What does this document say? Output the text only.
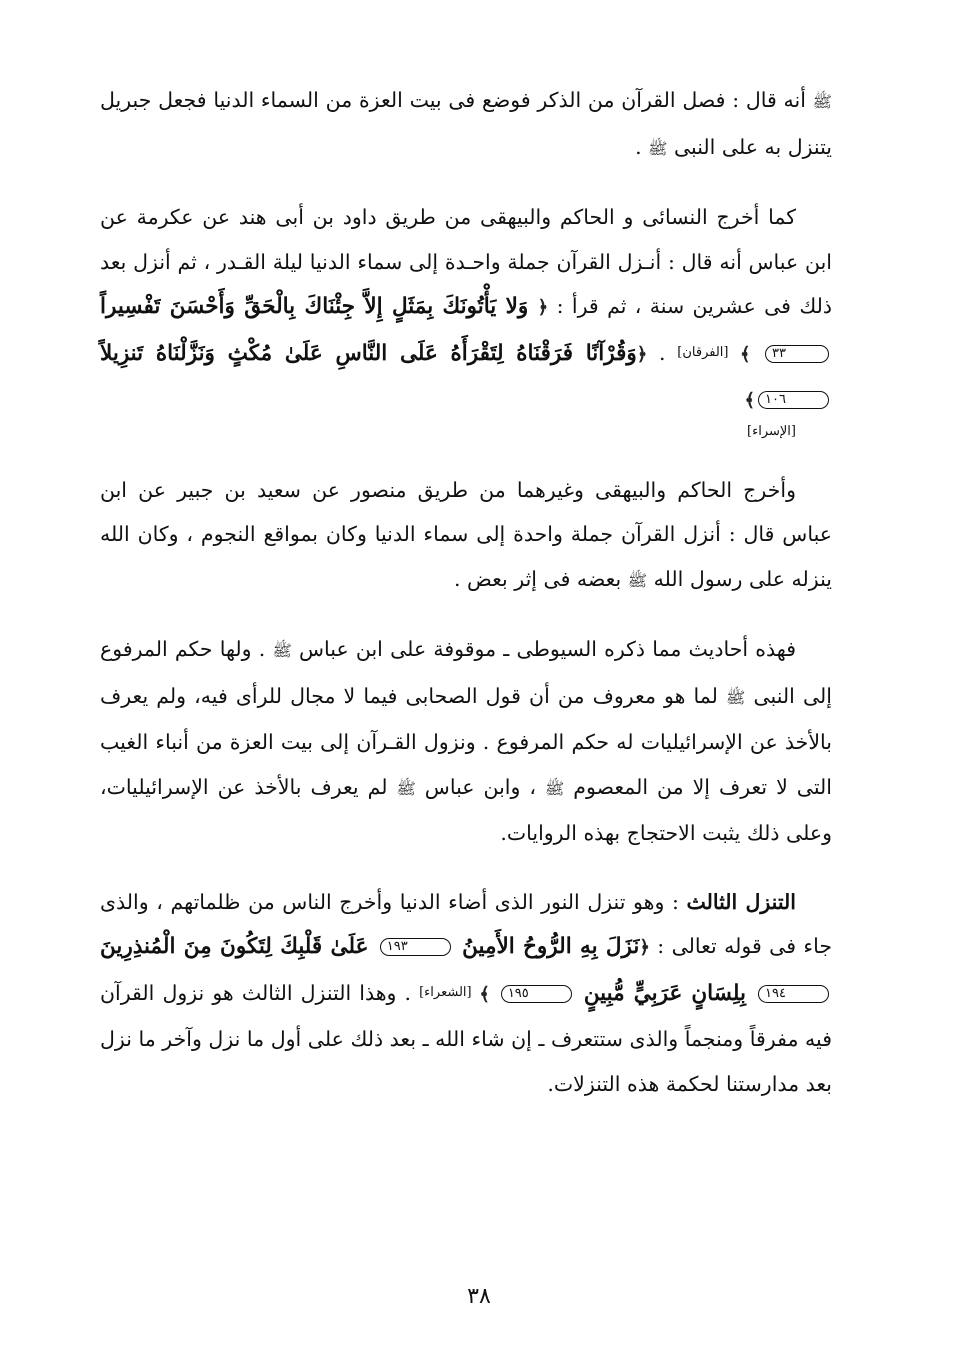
ﷺ أنه قال : فصل القرآن من الذكر فوضع فى بيت العزة من السماء الدنيا فجعل جبريل يتنزل به على النبى ﷺ .

كما أخرج النسائى و الحاكم والبيهقى من طريق داود بن أبى هند عن عكرمة عن ابن عباس أنه قال : أنـزل القرآن جملة واحـدة إلى سماء الدنيا ليلة القـدر ، ثم أنزل بعد ذلك فى عشرين سنة ، ثم قرأ : ﴿ وَلا يَأْتُونَكَ بِمَثَلٍ إِلاَّ جِئْنَاكَ بِالْحَقِّ وَأَحْسَنَ تَفْسِيراً ٣٣ ﴾ [الفرقان] . ﴿وَقُرْآنًا فَرَقْنَاهُ لِتَقْرَأَهُ عَلَى النَّاسِ عَلَىٰ مُكْثٍ وَنَزَّلْنَاهُ تَنزِيلاً ١٠٦﴾
[الإسراء]

وأخرج الحاكم والبيهقى وغيرهما من طريق منصور عن سعيد بن جبير عن ابن عباس قال : أنزل القرآن جملة واحدة إلى سماء الدنيا وكان بمواقع النجوم ، وكان الله ينزله على رسول الله ﷺ بعضه فى إثر بعض .

فهذه أحاديث مما ذكره السيوطى ـ موقوفة على ابن عباس ﷺ . ولها حكم المرفوع إلى النبى ﷺ لما هو معروف من أن قول الصحابى فيما لا مجال للرأى فيه، ولم يعرف بالأخذ عن الإسرائيليات له حكم المرفوع . ونزول القـرآن إلى بيت العزة من أنباء الغيب التى لا تعرف إلا من المعصوم ﷺ ، وابن عباس ﷺ لم يعرف بالأخذ عن الإسرائيليات، وعلى ذلك يثبت الاحتجاج بهذه الروايات.

التنزل الثالث : وهو تنزل النور الذى أضاء الدنيا وأخرج الناس من ظلماتهم ، والذى جاء فى قوله تعالى : ﴿نَزَلَ بِهِ الرُّوحُ الأَمِينُ ١٩٣ عَلَىٰ قَلْبِكَ لِتَكُونَ مِنَ الْمُنذِرِينَ١٩٤ بِلِسَانٍ عَرَبِيٍّ مُّبِينٍ ١٩٥ ﴾ [الشعراء] . وهذا التنزل الثالث هو نزول القرآن فيه مفرقاً ومنجماً والذى ستتعرف ـ إن شاء الله ـ بعد ذلك على أول ما نزل وآخر ما نزل بعد مدارستنا لحكمة هذه التنزلات.

٣٨
